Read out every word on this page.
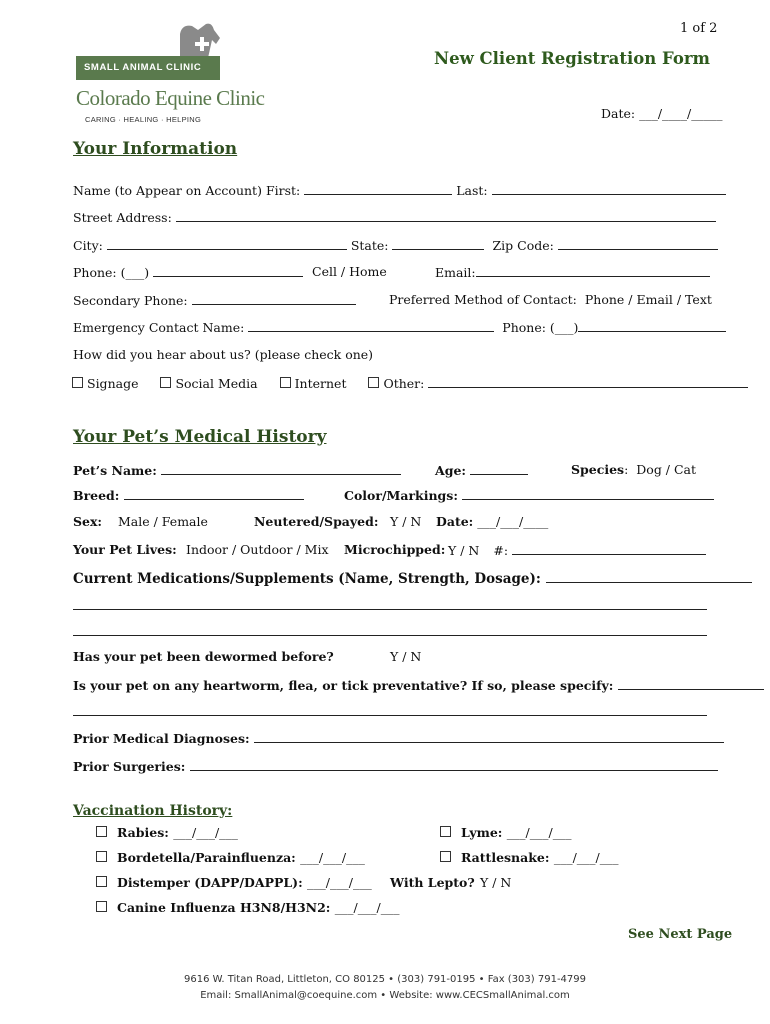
1 of 2
SMALL ANIMAL CLINIC
Colorado Equine Clinic
CARING · HEALING · HELPING
New Client Registration Form
Date: ___/____/_____
Your Information
Name (to Appear on Account) First:	Last:
Street Address:
City:	State:	Zip Code:
Phone: (___)	Cell / Home	Email:
Secondary Phone:	Preferred Method of Contact: Phone / Email / Text
Emergency Contact Name:	Phone: (___)
How did you hear about us? (please check one)
Signage	Social Media	Internet	Other:
Your Pet’s Medical History
Pet’s Name:	Age:	Species: Dog / Cat
Breed:	Color/Markings:
Sex: Male / Female	Neutered/Spayed: Y / N Date: ___/___/____
Your Pet Lives: Indoor / Outdoor / Mix Microchipped: Y / N #:
Current Medications/Supplements (Name, Strength, Dosage):
Has your pet been dewormed before?	Y / N
Is your pet on any heartworm, flea, or tick preventative? If so, please specify:
Prior Medical Diagnoses:
Prior Surgeries:
Vaccination History:
Rabies: ___/___/___	Lyme: ___/___/___
Bordetella/Parainfluenza: ___/___/___	Rattlesnake: ___/___/___
Distemper (DAPP/DAPPL): ___/___/___ With Lepto? Y / N
Canine Influenza H3N8/H3N2: ___/___/___
See Next Page
9616 W. Titan Road, Littleton, CO 80125 • (303) 791-0195 • Fax (303) 791-4799
Email: SmallAnimal@coequine.com • Website: www.CECSmallAnimal.com
